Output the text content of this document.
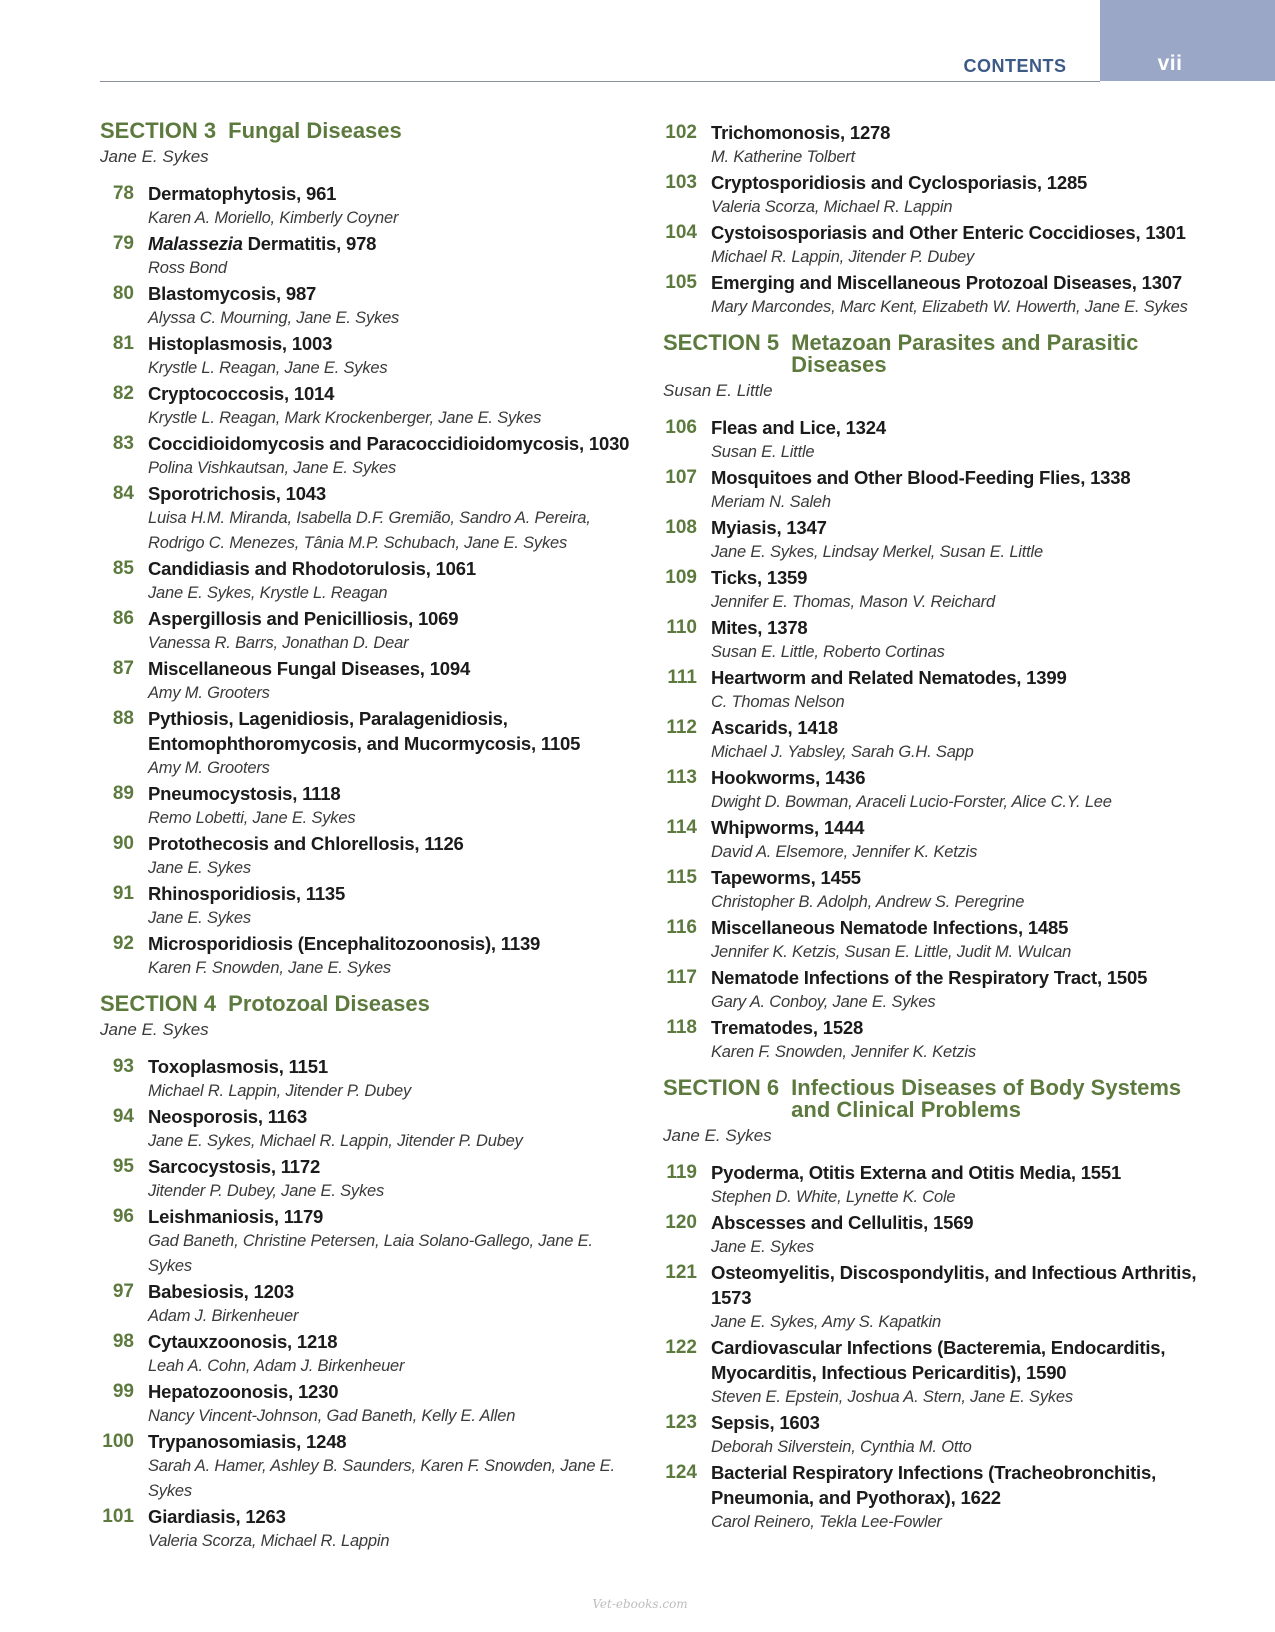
CONTENTS	vii
SECTION 3 Fungal Diseases
Jane E. Sykes
78 Dermatophytosis, 961
Karen A. Moriello, Kimberly Coyner
79 Malassezia Dermatitis, 978
Ross Bond
80 Blastomycosis, 987
Alyssa C. Mourning, Jane E. Sykes
81 Histoplasmosis, 1003
Krystle L. Reagan, Jane E. Sykes
82 Cryptococcosis, 1014
Krystle L. Reagan, Mark Krockenberger, Jane E. Sykes
83 Coccidioidomycosis and Paracoccidioidomycosis, 1030
Polina Vishkautsan, Jane E. Sykes
84 Sporotrichosis, 1043
Luisa H.M. Miranda, Isabella D.F. Gremião, Sandro A. Pereira, Rodrigo C. Menezes, Tânia M.P. Schubach, Jane E. Sykes
85 Candidiasis and Rhodotorulosis, 1061
Jane E. Sykes, Krystle L. Reagan
86 Aspergillosis and Penicilliosis, 1069
Vanessa R. Barrs, Jonathan D. Dear
87 Miscellaneous Fungal Diseases, 1094
Amy M. Grooters
88 Pythiosis, Lagenidiosis, Paralagenidiosis, Entomophthoromycosis, and Mucormycosis, 1105
Amy M. Grooters
89 Pneumocystosis, 1118
Remo Lobetti, Jane E. Sykes
90 Protothecosis and Chlorellosis, 1126
Jane E. Sykes
91 Rhinosporidiosis, 1135
Jane E. Sykes
92 Microsporidiosis (Encephalitozoonosis), 1139
Karen F. Snowden, Jane E. Sykes
SECTION 4 Protozoal Diseases
Jane E. Sykes
93 Toxoplasmosis, 1151
Michael R. Lappin, Jitender P. Dubey
94 Neosporosis, 1163
Jane E. Sykes, Michael R. Lappin, Jitender P. Dubey
95 Sarcocystosis, 1172
Jitender P. Dubey, Jane E. Sykes
96 Leishmaniosis, 1179
Gad Baneth, Christine Petersen, Laia Solano-Gallego, Jane E. Sykes
97 Babesiosis, 1203
Adam J. Birkenheuer
98 Cytauxzoonosis, 1218
Leah A. Cohn, Adam J. Birkenheuer
99 Hepatozoonosis, 1230
Nancy Vincent-Johnson, Gad Baneth, Kelly E. Allen
100 Trypanosomiasis, 1248
Sarah A. Hamer, Ashley B. Saunders, Karen F. Snowden, Jane E. Sykes
101 Giardiasis, 1263
Valeria Scorza, Michael R. Lappin
102 Trichomonosis, 1278
M. Katherine Tolbert
103 Cryptosporidiosis and Cyclosporiasis, 1285
Valeria Scorza, Michael R. Lappin
104 Cystoisosporiasis and Other Enteric Coccidioses, 1301
Michael R. Lappin, Jitender P. Dubey
105 Emerging and Miscellaneous Protozoal Diseases, 1307
Mary Marcondes, Marc Kent, Elizabeth W. Howerth, Jane E. Sykes
SECTION 5 Metazoan Parasites and Parasitic Diseases
Susan E. Little
106 Fleas and Lice, 1324
Susan E. Little
107 Mosquitoes and Other Blood-Feeding Flies, 1338
Meriam N. Saleh
108 Myiasis, 1347
Jane E. Sykes, Lindsay Merkel, Susan E. Little
109 Ticks, 1359
Jennifer E. Thomas, Mason V. Reichard
110 Mites, 1378
Susan E. Little, Roberto Cortinas
111 Heartworm and Related Nematodes, 1399
C. Thomas Nelson
112 Ascarids, 1418
Michael J. Yabsley, Sarah G.H. Sapp
113 Hookworms, 1436
Dwight D. Bowman, Araceli Lucio-Forster, Alice C.Y. Lee
114 Whipworms, 1444
David A. Elsemore, Jennifer K. Ketzis
115 Tapeworms, 1455
Christopher B. Adolph, Andrew S. Peregrine
116 Miscellaneous Nematode Infections, 1485
Jennifer K. Ketzis, Susan E. Little, Judit M. Wulcan
117 Nematode Infections of the Respiratory Tract, 1505
Gary A. Conboy, Jane E. Sykes
118 Trematodes, 1528
Karen F. Snowden, Jennifer K. Ketzis
SECTION 6 Infectious Diseases of Body Systems and Clinical Problems
Jane E. Sykes
119 Pyoderma, Otitis Externa and Otitis Media, 1551
Stephen D. White, Lynette K. Cole
120 Abscesses and Cellulitis, 1569
Jane E. Sykes
121 Osteomyelitis, Discospondylitis, and Infectious Arthritis, 1573
Jane E. Sykes, Amy S. Kapatkin
122 Cardiovascular Infections (Bacteremia, Endocarditis, Myocarditis, Infectious Pericarditis), 1590
Steven E. Epstein, Joshua A. Stern, Jane E. Sykes
123 Sepsis, 1603
Deborah Silverstein, Cynthia M. Otto
124 Bacterial Respiratory Infections (Tracheobronchitis, Pneumonia, and Pyothorax), 1622
Carol Reinero, Tekla Lee-Fowler
Vet-ebooks.com
